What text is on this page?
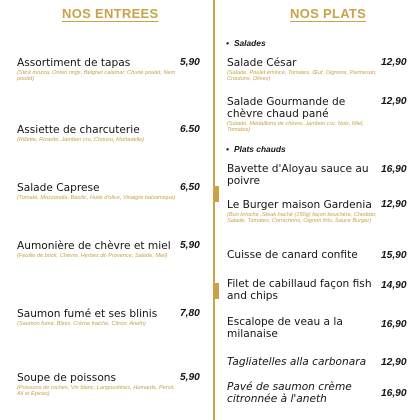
NOS ENTREES	NOS PLATS
Assortiment de tapas
(Stick mozza, Onion rings, Beignet calamar, Chuné poulet, Nem poulet)
5,90
Assiette de charcuterie
(Rillette, Rosette, Jambon cru, Chorizo, Mortadelle)
6.50
Salade Caprese
(Tomate, Mozzarella, Basilic, Huile d'olive, Vinaigre balsamique)
6,50
Aumonière de chèvre et miel
(Feuille de brick, Chèvre, Herbes de Provence, Salade, Miel)
5,90
Saumon fumé et ses blinis
(Saumon fumé, Blinis, Crème fraiche, Citron, Aneth)
7,80
Soupe de poissons
(Poissons de roches, Vin blanc, Langoustines, Homards, Persil, Ail et Epices)
5,90
• Salades
Salade César
(Salade, Poulet émincé, Tomates, Œuf, Oignons, Parmesan, Croutons, Olives)
12,90
Salade Gourmande de chèvre chaud pané
(Salade, Médaillons de chèvre, Jambon cru, Noix, Miel, Tomates)
12,90
• Plats chauds
Bavette d'Aloyau sauce au poivre
16,90
Le Burger maison Gardenia
(Bun brioche ,Steak haché (150g) façon bouchère, Cheddar, Salade, Tomates, Cornichons, Oignon frits, Sauce Burger)
12,90
Cuisse de canard confite	15,90
Filet de cabillaud façon fish and chips
14,90
Escalope de veau a la milanaise
16,90
Tagliatelles alla carbonara	12,90
Pavé de saumon crème citronnée à l'aneth	16,90
